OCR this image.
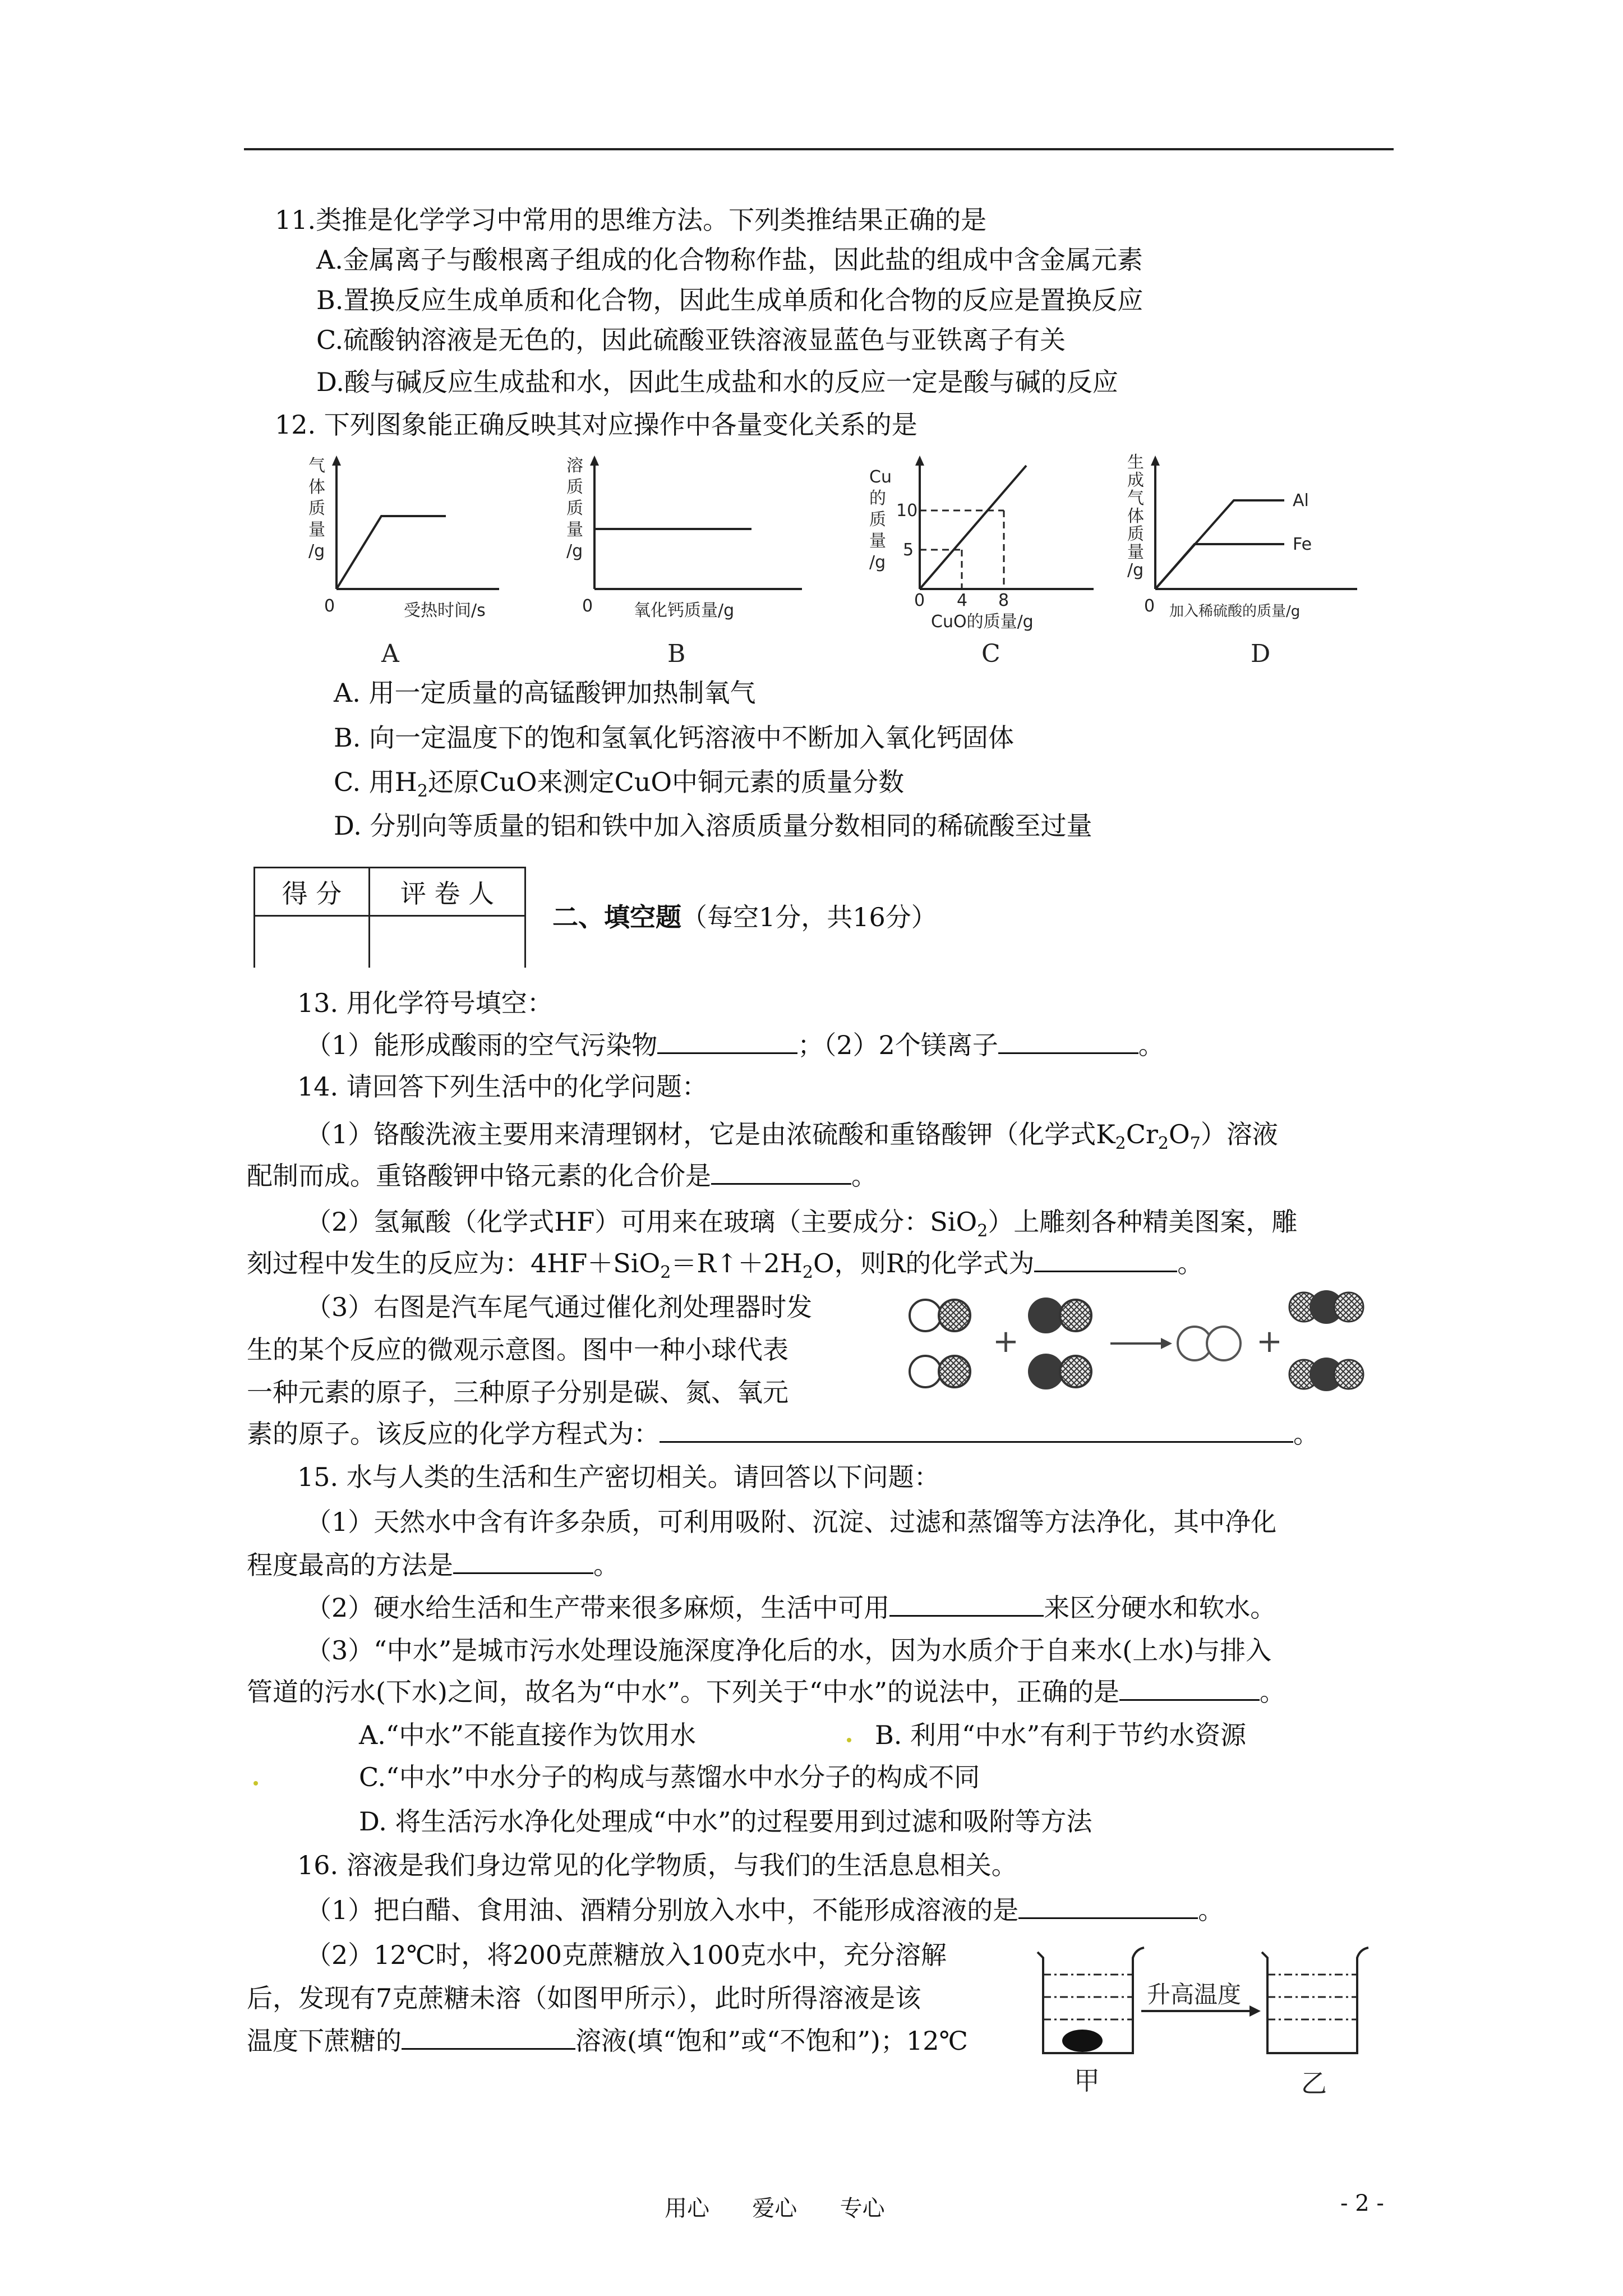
11.类推是化学学习中常用的思维方法。下列类推结果正确的是
A.金属离子与酸根离子组成的化合物称作盐，因此盐的组成中含金属元素
B.置换反应生成单质和化合物，因此生成单质和化合物的反应是置换反应
C.硫酸钠溶液是无色的，因此硫酸亚铁溶液显蓝色与亚铁离子有关
D.酸与碱反应生成盐和水，因此生成盐和水的反应一定是酸与碱的反应
12. 下列图象能正确反映其对应操作中各量变化关系的是
气
体
质
量
/g
0	受热时间/s
A
溶
质
质
量
/g
0 氧化钙质量/g
B
Cu
的
质
量
/g
10
5
0 4 8
CuO的质量/g
C
生
成
气
体
质
量
/g
Al
Fe
0 加入稀硫酸的质量/g
D
A. 用一定质量的高锰酸钾加热制氧气
B. 向一定温度下的饱和氢氧化钙溶液中不断加入氧化钙固体
C. 用$H_2$还原CuO来测定CuO中铜元素的质量分数
D. 分别向等质量的铝和铁中加入溶质质量分数相同的稀硫酸至过量
得 分	评 卷 人

二、填空题（每空1分，共16分）
13. 用化学符号填空：
（1）能形成酸雨的空气污染物	；（2）2个镁离子	。
14. 请回答下列生活中的化学问题：
（1）铬酸洗液主要用来清理钢材，它是由浓硫酸和重铬酸钾（化学式$K_2Cr_2O_7$）溶液
配制而成。重铬酸钾中铬元素的化合价是	。
（2）氢氟酸（化学式HF）可用来在玻璃（主要成分：SiO$_2$）上雕刻各种精美图案，雕
刻过程中发生的反应为：$4HF+SiO_2=R↑+2H_2O$，则R的化学式为	。
（3）右图是汽车尾气通过催化剂处理器时发
生的某个反应的微观示意图。图中一种小球代表
一种元素的原子，三种原子分别是碳、氮、氧元
素的原子。该反应的化学方程式为：	。
+	+
15. 水与人类的生活和生产密切相关。请回答以下问题：
（1）天然水中含有许多杂质，可利用吸附、沉淀、过滤和蒸馏等方法净化，其中净化
程度最高的方法是	。
（2）硬水给生活和生产带来很多麻烦，生活中可用	来区分硬水和软水。
（3）“中水”是城市污水处理设施深度净化后的水，因为水质介于自来水(上水)与排入
管道的污水(下水)之间，故名为“中水”。下列关于“中水”的说法中，正确的是	。
A.“中水”不能直接作为饮用水	B. 利用“中水”有利于节约水资源
C.“中水”中水分子的构成与蒸馏水中水分子的构成不同
D. 将生活污水净化处理成“中水”的过程要用到过滤和吸附等方法
16. 溶液是我们身边常见的化学物质，与我们的生活息息相关。
（1）把白醋、食用油、酒精分别放入水中，不能形成溶液的是	。
（2）12℃时，将200克蔗糖放入100克水中，充分溶解
后，发现有7克蔗糖未溶（如图甲所示），此时所得溶液是该
温度下蔗糖的	溶液(填“饱和”或“不饱和”)；12℃
甲
升高温度
乙
用心      爱心      专心	- 2 -
